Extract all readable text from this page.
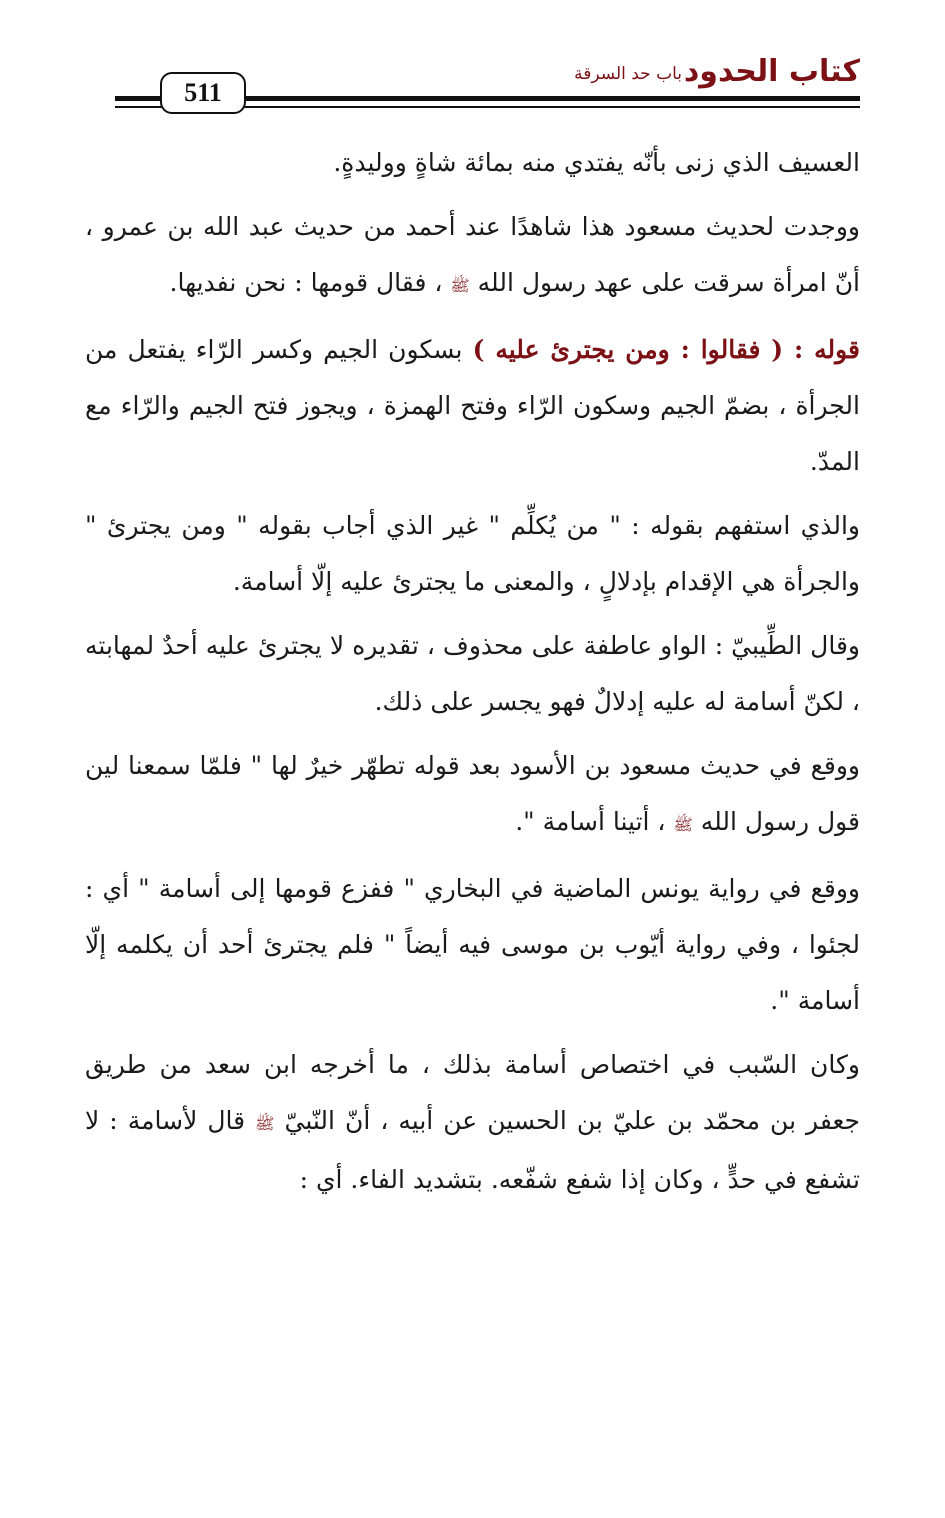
كتاب الحدود
باب حد السرقة
511

العسيف الذي زنى بأنّه يفتدي منه بمائة شاةٍ ووليدةٍ.

ووجدت لحديث مسعود هذا شاهدًا عند أحمد من حديث عبد الله بن عمرو ، أنّ امرأة سرقت على عهد رسول الله ﷺ ، فقال قومها : نحن نفديها.

قوله : ( فقالوا : ومن يجترئ عليه ) بسكون الجيم وكسر الرّاء يفتعل من الجرأة ، بضمّ الجيم وسكون الرّاء وفتح الهمزة ، ويجوز فتح الجيم والرّاء مع المدّ.

والذي استفهم بقوله : " من يُكلِّم " غير الذي أجاب بقوله " ومن يجترئ " والجرأة هي الإقدام بإدلالٍ ، والمعنى ما يجترئ عليه إلّا أسامة.

وقال الطِّيبيّ : الواو عاطفة على محذوف ، تقديره لا يجترئ عليه أحدٌ لمهابته ، لكنّ أسامة له عليه إدلالٌ فهو يجسر على ذلك.

ووقع في حديث مسعود بن الأسود بعد قوله تطهّر خيرٌ لها " فلمّا سمعنا لين قول رسول الله ﷺ ، أتينا أسامة ".

ووقع في رواية يونس الماضية في البخاري " ففزع قومها إلى أسامة " أي : لجئوا ، وفي رواية أيّوب بن موسى فيه أيضاً " فلم يجترئ أحد أن يكلمه إلّا أسامة ".

وكان السّبب في اختصاص أسامة بذلك ، ما أخرجه ابن سعد من طريق جعفر بن محمّد بن عليّ بن الحسين عن أبيه ، أنّ النّبيّ ﷺ قال لأسامة : لا تشفع في حدٍّ ، وكان إذا شفع شفّعه. بتشديد الفاء. أي :
